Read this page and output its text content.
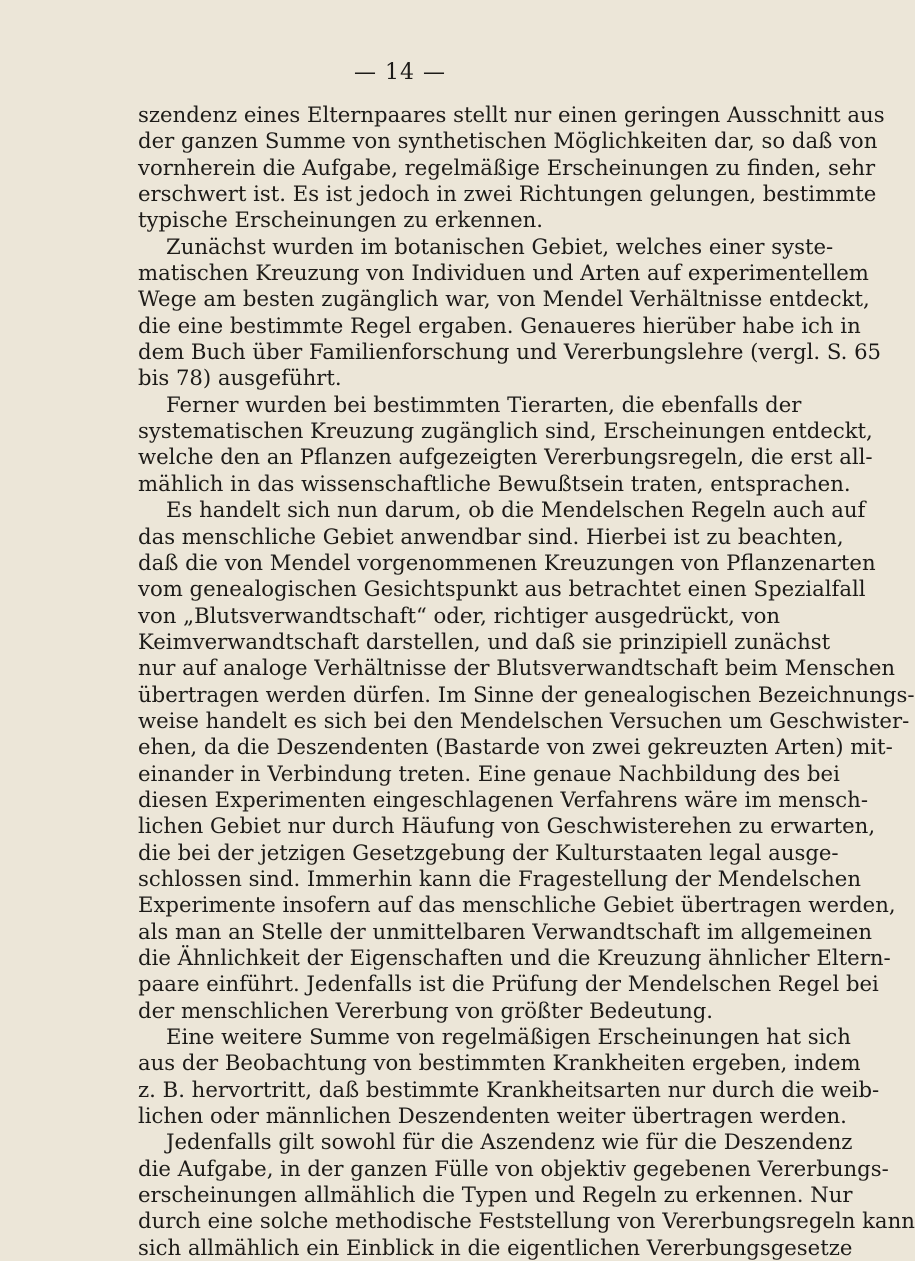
— 14 —
szendenz eines Elternpaares stellt nur einen geringen Ausschnitt aus
der ganzen Summe von synthetischen Möglichkeiten dar, so daß von
vornherein die Aufgabe, regelmäßige Erscheinungen zu finden, sehr
erschwert ist. Es ist jedoch in zwei Richtungen gelungen, bestimmte
typische Erscheinungen zu erkennen.
Zunächst wurden im botanischen Gebiet, welches einer syste-
matischen Kreuzung von Individuen und Arten auf experimentellem
Wege am besten zugänglich war, von Mendel Verhältnisse entdeckt,
die eine bestimmte Regel ergaben. Genaueres hierüber habe ich in
dem Buch über Familienforschung und Vererbungslehre (vergl. S. 65
bis 78) ausgeführt.
Ferner wurden bei bestimmten Tierarten, die ebenfalls der
systematischen Kreuzung zugänglich sind, Erscheinungen entdeckt,
welche den an Pflanzen aufgezeigten Vererbungsregeln, die erst all-
mählich in das wissenschaftliche Bewußtsein traten, entsprachen.
Es handelt sich nun darum, ob die Mendelschen Regeln auch auf
das menschliche Gebiet anwendbar sind. Hierbei ist zu beachten,
daß die von Mendel vorgenommenen Kreuzungen von Pflanzenarten
vom genealogischen Gesichtspunkt aus betrachtet einen Spezialfall
von „Blutsverwandtschaft“ oder, richtiger ausgedrückt, von
Keimverwandtschaft darstellen, und daß sie prinzipiell zunächst
nur auf analoge Verhältnisse der Blutsverwandtschaft beim Menschen
übertragen werden dürfen. Im Sinne der genealogischen Bezeichnungs-
weise handelt es sich bei den Mendelschen Versuchen um Geschwister-
ehen, da die Deszendenten (Bastarde von zwei gekreuzten Arten) mit-
einander in Verbindung treten. Eine genaue Nachbildung des bei
diesen Experimenten eingeschlagenen Verfahrens wäre im mensch-
lichen Gebiet nur durch Häufung von Geschwisterehen zu erwarten,
die bei der jetzigen Gesetzgebung der Kulturstaaten legal ausge-
schlossen sind. Immerhin kann die Fragestellung der Mendelschen
Experimente insofern auf das menschliche Gebiet übertragen werden,
als man an Stelle der unmittelbaren Verwandtschaft im allgemeinen
die Ähnlichkeit der Eigenschaften und die Kreuzung ähnlicher Eltern-
paare einführt. Jedenfalls ist die Prüfung der Mendelschen Regel bei
der menschlichen Vererbung von größter Bedeutung.
Eine weitere Summe von regelmäßigen Erscheinungen hat sich
aus der Beobachtung von bestimmten Krankheiten ergeben, indem
z. B. hervortritt, daß bestimmte Krankheitsarten nur durch die weib-
lichen oder männlichen Deszendenten weiter übertragen werden.
Jedenfalls gilt sowohl für die Aszendenz wie für die Deszendenz
die Aufgabe, in der ganzen Fülle von objektiv gegebenen Vererbungs-
erscheinungen allmählich die Typen und Regeln zu erkennen. Nur
durch eine solche methodische Feststellung von Vererbungsregeln kann
sich allmählich ein Einblick in die eigentlichen Vererbungsgesetze
